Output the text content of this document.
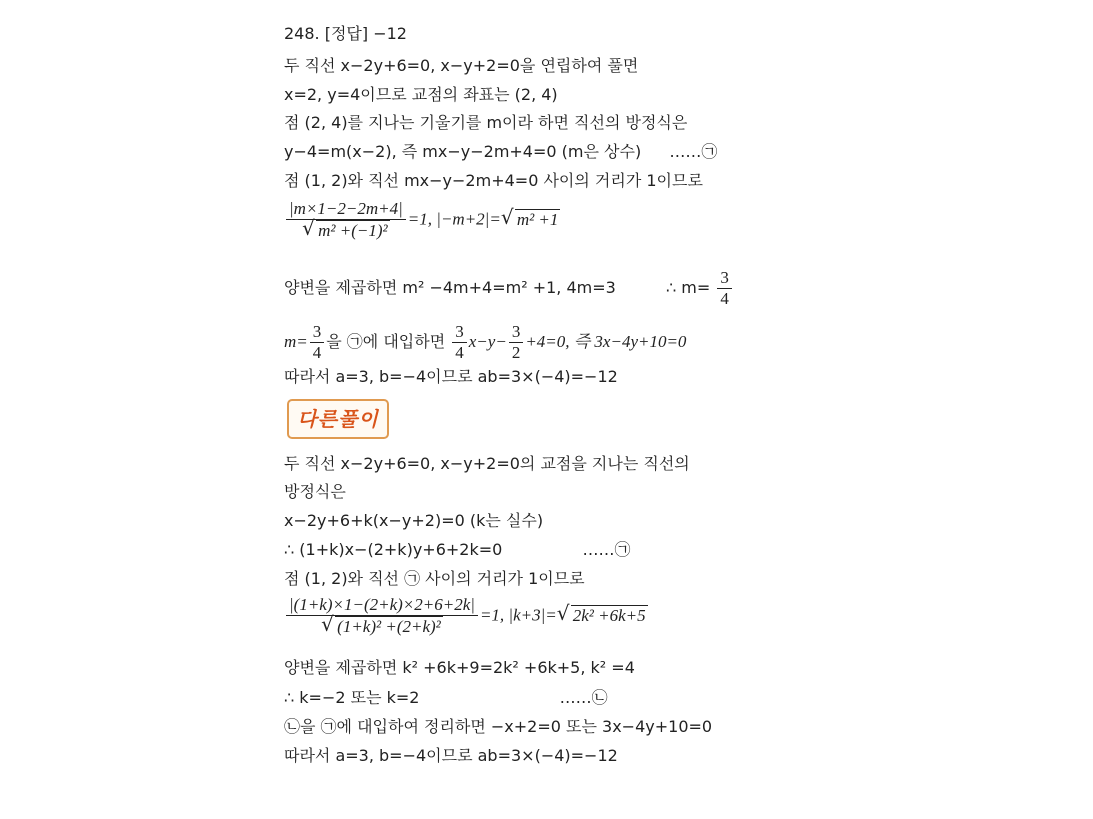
248. [정답] −12
두 직선 x−2y+6=0, x−y+2=0을 연립하여 풀면
x=2, y=4이므로 교점의 좌표는 (2, 4)
점 (2, 4)를 지나는 기울기를 m이라 하면 직선의 방정식은
y−4=m(x−2), 즉 mx−y−2m+4=0 (m은 상수) ……㉠
점 (1, 2)와 직선 mx−y−2m+4=0 사이의 거리가 1이므로
$\frac{|m\times 1-2-2m+4|}{\text{√ m² +(−1)²}} =1$, |−m+2|= √ m² +1
양변을 제곱하면 m² −4m+4=m² +1, 4m=3	∴ $m= \frac{3}{4}$
$m= \frac{3}{4}$ 을 ㉠에 대입하면 $\frac{3}{4} x-y- \frac{3}{2} +4=0$, 즉 3x−4y+10=0
따라서 a=3, b=−4이므로 ab=3×(−4)=−12
다른풀이
두 직선 x−2y+6=0, x−y+2=0의 교점을 지나는 직선의
방정식은
x−2y+6+k(x−y+2)=0 (k는 실수)
∴ (1+k)x−(2+k)y+6+2k=0	……㉠
점 (1, 2)와 직선 ㉠ 사이의 거리가 1이므로
$\frac{|(1+k)\times 1-(2+k)\times 2+6+2k|}{\text{√ (1+k)² +(2+k)²}} =1$, |k+3|= √ 2k² +6k+5
양변을 제곱하면 k² +6k+9=2k² +6k+5, k² =4
∴ k=−2 또는 k=2	……㉡
㉡을 ㉠에 대입하여 정리하면 −x+2=0 또는 3x−4y+10=0
따라서 a=3, b=−4이므로 ab=3×(−4)=−12
